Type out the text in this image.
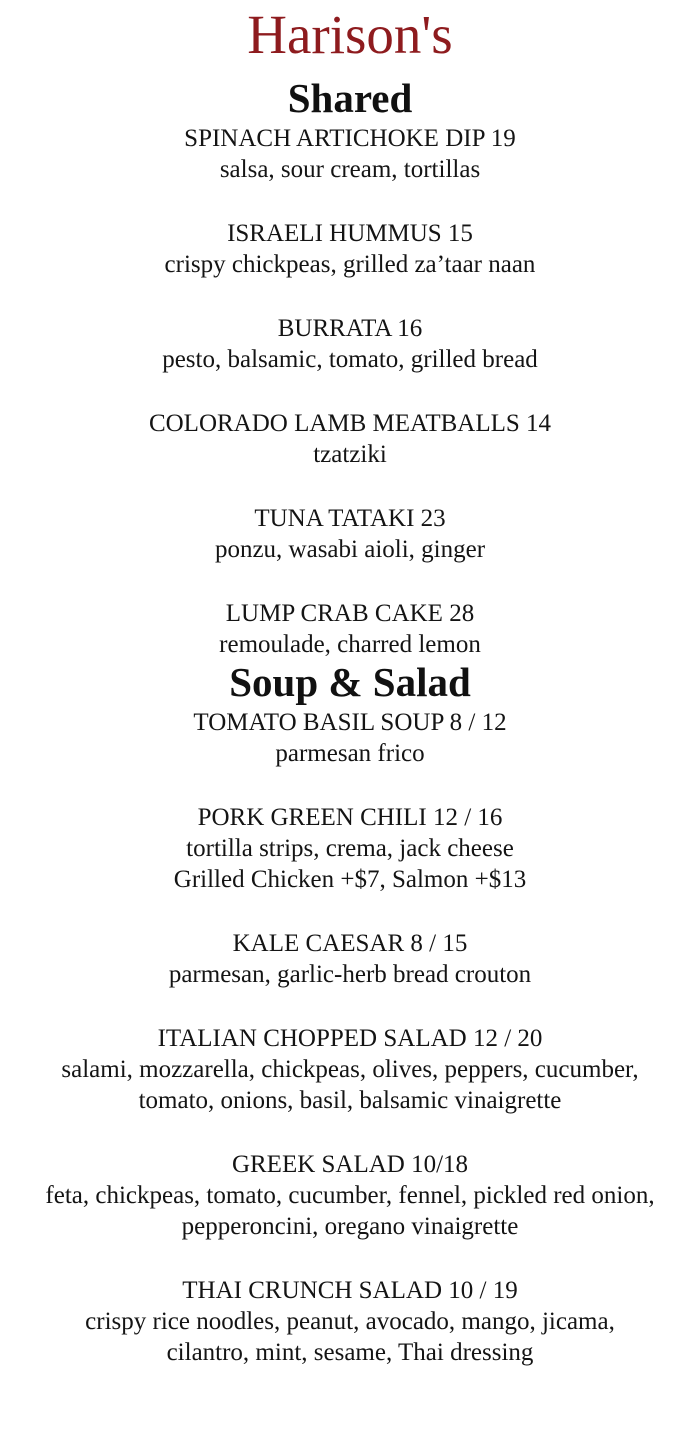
Harison's
Shared
SPINACH ARTICHOKE DIP 19
salsa, sour cream, tortillas
ISRAELI HUMMUS 15
crispy chickpeas, grilled za’taar naan
BURRATA 16
pesto, balsamic, tomato, grilled bread
COLORADO LAMB MEATBALLS 14
tzatziki
TUNA TATAKI 23
ponzu, wasabi aioli, ginger
LUMP CRAB CAKE 28
remoulade, charred lemon
Soup & Salad
TOMATO BASIL SOUP 8 / 12
parmesan frico
PORK GREEN CHILI 12 / 16
tortilla strips, crema, jack cheese
Grilled Chicken +$7, Salmon +$13
KALE CAESAR 8 / 15
parmesan, garlic-herb bread crouton
ITALIAN CHOPPED SALAD 12 / 20
salami, mozzarella, chickpeas, olives, peppers, cucumber,
tomato, onions, basil, balsamic vinaigrette
GREEK SALAD 10/18
feta, chickpeas, tomato, cucumber, fennel, pickled red onion,
pepperoncini, oregano vinaigrette
THAI CRUNCH SALAD 10 / 19
crispy rice noodles, peanut, avocado, mango, jicama,
cilantro, mint, sesame, Thai dressing
